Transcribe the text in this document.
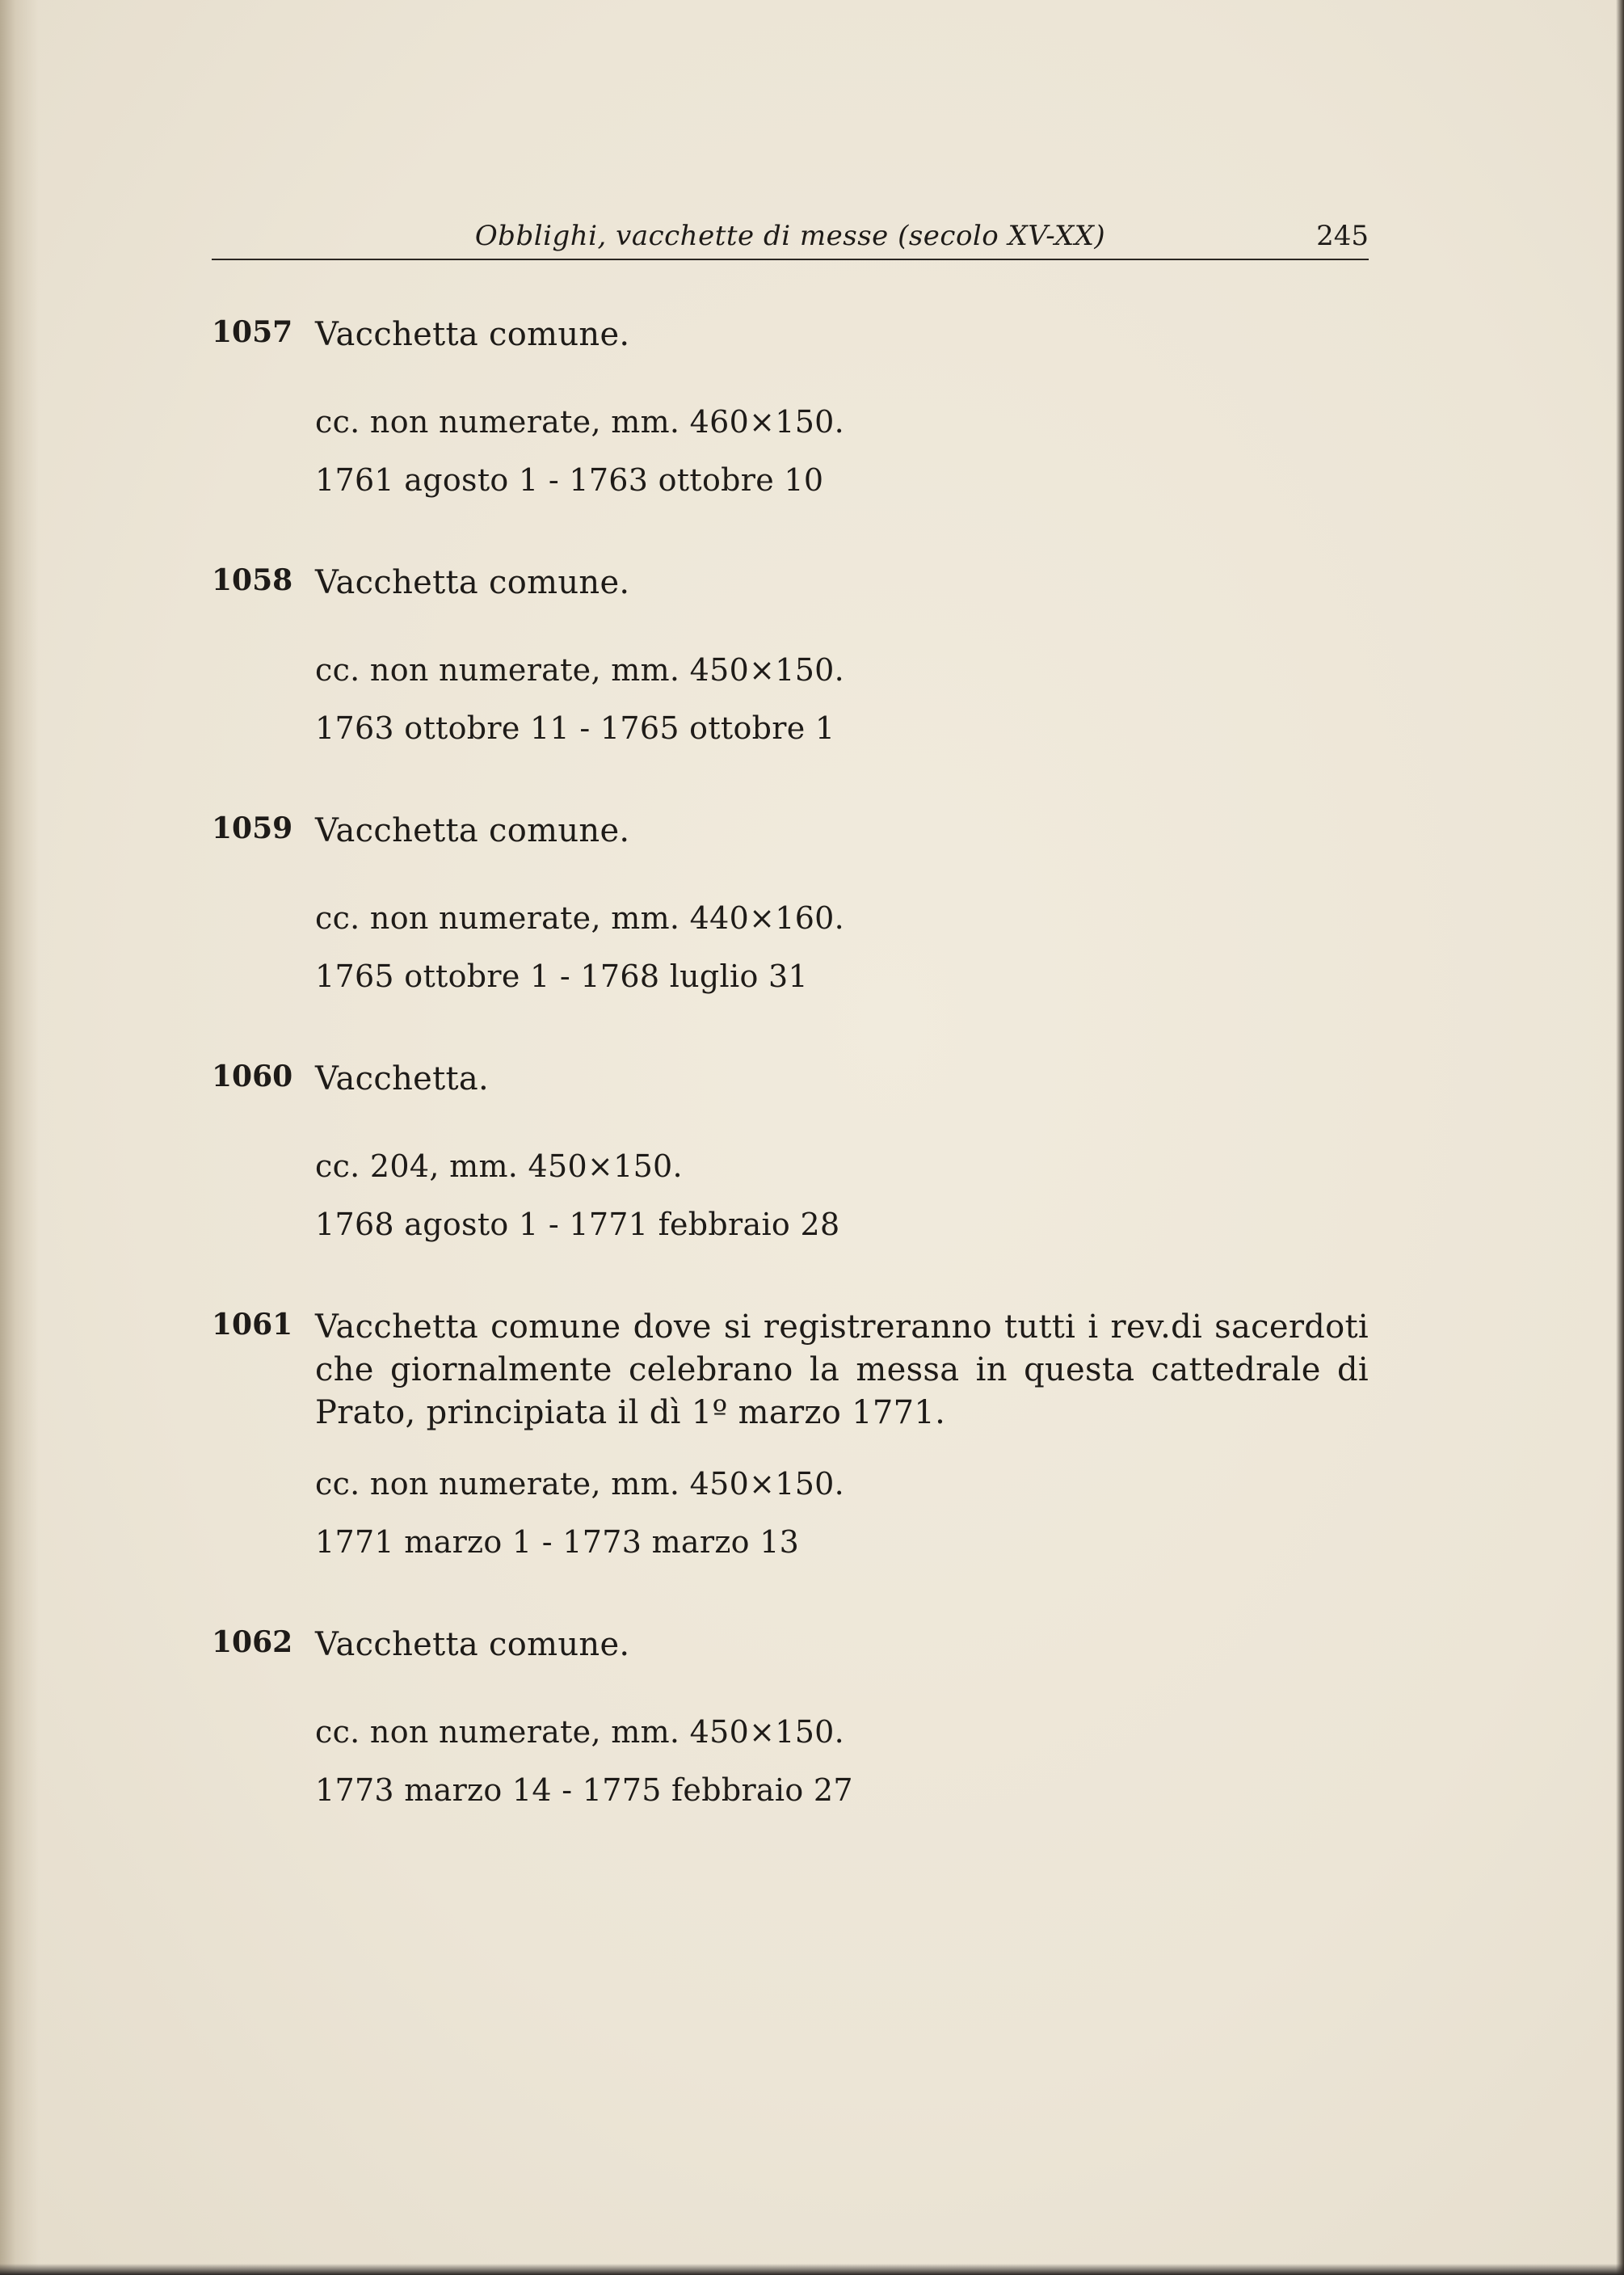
Obblighi, vacchette di messe (secolo XV-XX)	245
1057 Vacchetta comune.
cc. non numerate, mm. 460×150.
1761 agosto 1 - 1763 ottobre 10
1058 Vacchetta comune.
cc. non numerate, mm. 450×150.
1763 ottobre 11 - 1765 ottobre 1
1059 Vacchetta comune.
cc. non numerate, mm. 440×160.
1765 ottobre 1 - 1768 luglio 31
1060 Vacchetta.
cc. 204, mm. 450×150.
1768 agosto 1 - 1771 febbraio 28
1061 Vacchetta comune dove si registreranno tutti i rev.di sacerdoti che giornalmente celebrano la messa in questa cattedrale di Prato, principiata il dì 1º marzo 1771.
cc. non numerate, mm. 450×150.
1771 marzo 1 - 1773 marzo 13
1062 Vacchetta comune.
cc. non numerate, mm. 450×150.
1773 marzo 14 - 1775 febbraio 27
